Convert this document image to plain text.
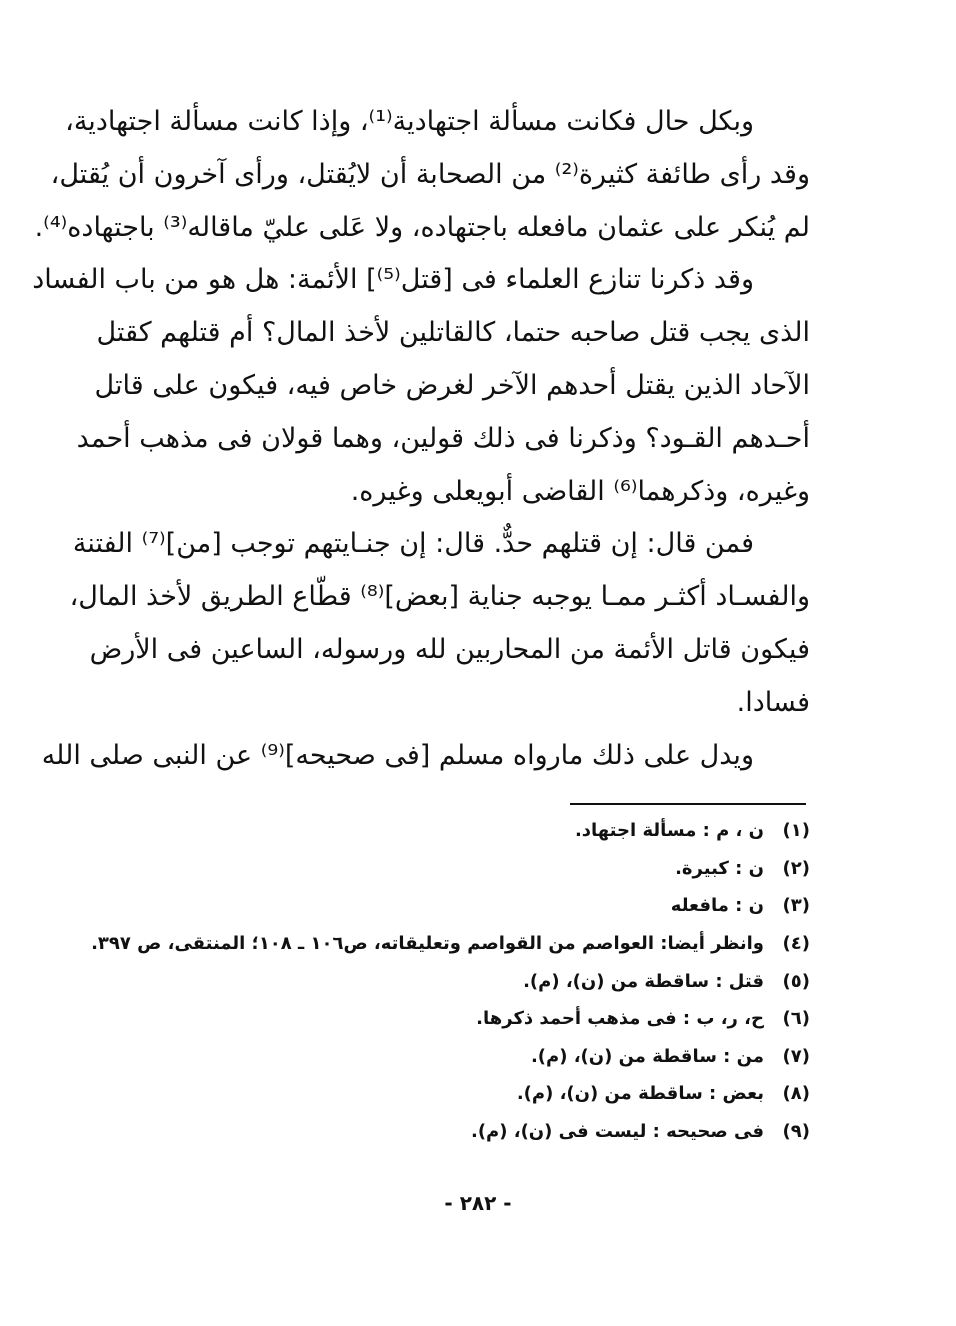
وبكل حال فكانت مسألة اجتهادية⁽¹⁾، وإذا كانت مسألة اجتهادية،
وقد رأى طائفة كثيرة⁽²⁾ من الصحابة أن لايُقتل، ورأى آخرون أن يُقتل،
لم يُنكر على عثمان مافعله باجتهاده، ولا عَلى عليّ ماقاله⁽³⁾ باجتهاده⁽⁴⁾.
وقد ذكرنا تنازع العلماء فى [قتل⁽⁵⁾] الأئمة: هل هو من باب الفساد
الذى يجب قتل صاحبه حتما، كالقاتلين لأخذ المال؟ أم قتلهم كقتل
الآحاد الذين يقتل أحدهم الآخر لغرض خاص فيه، فيكون على قاتل
أحـدهم القـود؟ وذكرنا فى ذلك قولين، وهما قولان فى مذهب أحمد
وغيره، وذكرهما⁽⁶⁾ القاضى أبويعلى وغيره.
فمن قال: إن قتلهم حدٌّ. قال: إن جنـايتهم توجب [من]⁽⁷⁾ الفتنة
والفسـاد أكثـر ممـا يوجبه جناية [بعض]⁽⁸⁾ قطّاع الطريق لأخذ المال،
فيكون قاتل الأئمة من المحاربين لله ورسوله، الساعين فى الأرض
فسادا.
ويدل على ذلك مارواه مسلم [فى صحيحه]⁽⁹⁾ عن النبى صلى الله
(١)
ن ، م : مسألة اجتهاد.
(٢)
ن : كبيرة.
(٣)
ن : مافعله
(٤)
وانظر أيضا: العواصم من القواصم وتعليقاته، ص١٠٦ ـ ١٠٨؛ المنتقى، ص ٣٩٧.
(٥)
قتل : ساقطة من (ن)، (م).
(٦)
ح، ر، ب : فى مذهب أحمد ذكرها.
(٧)
من : ساقطة من (ن)، (م).
(٨)
بعض : ساقطة من (ن)، (م).
(٩)
فى صحيحه : ليست فى (ن)، (م).
- ٢٨٢ -
